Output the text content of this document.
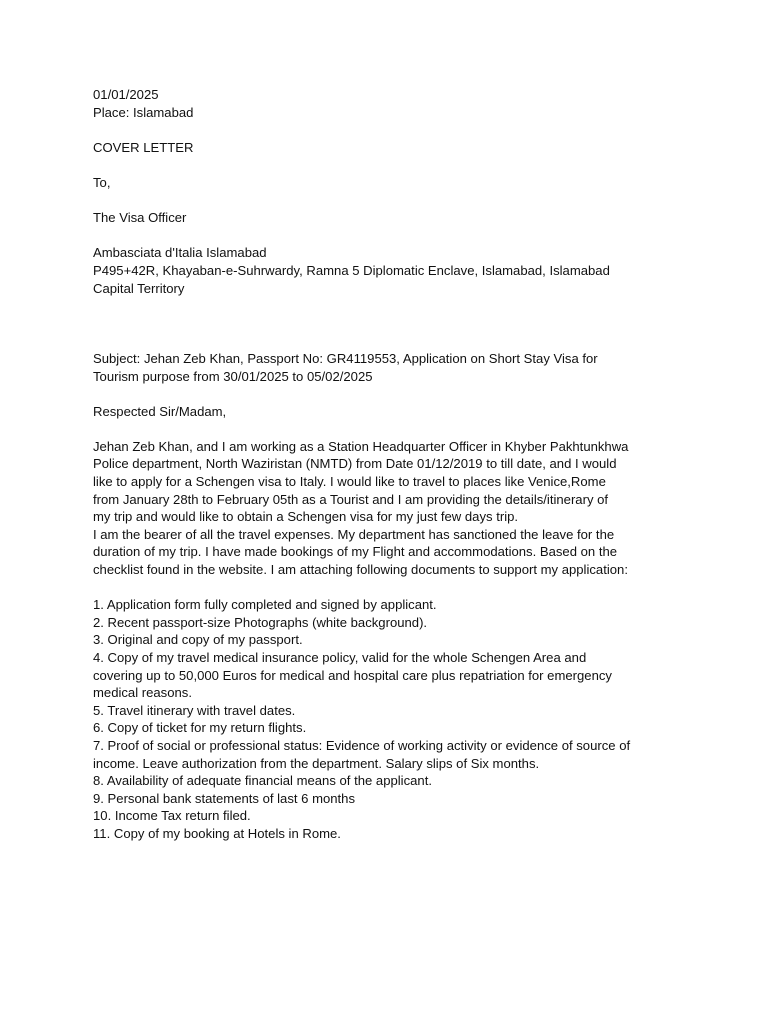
01/01/2025
Place: Islamabad
COVER LETTER
To,
The Visa Officer
Ambasciata d'Italia Islamabad
P495+42R, Khayaban-e-Suhrwardy, Ramna 5 Diplomatic Enclave, Islamabad, Islamabad
Capital Territory
Subject: Jehan Zeb Khan, Passport No: GR4119553, Application on Short Stay Visa for
Tourism purpose from 30/01/2025 to 05/02/2025
Respected Sir/Madam,
Jehan Zeb Khan, and I am working as a Station Headquarter Officer in Khyber Pakhtunkhwa
Police department, North Waziristan (NMTD) from Date 01/12/2019 to till date, and I would
like to apply for a Schengen visa to Italy. I would like to travel to places like Venice,Rome
from January 28th to February 05th as a Tourist and I am providing the details/itinerary of
my trip and would like to obtain a Schengen visa for my just few days trip.
I am the bearer of all the travel expenses. My department has sanctioned the leave for the
duration of my trip. I have made bookings of my Flight and accommodations. Based on the
checklist found in the website. I am attaching following documents to support my application:
1. Application form fully completed and signed by applicant.
2. Recent passport-size Photographs (white background).
3. Original and copy of my passport.
4. Copy of my travel medical insurance policy, valid for the whole Schengen Area and
covering up to 50,000 Euros for medical and hospital care plus repatriation for emergency
medical reasons.
5. Travel itinerary with travel dates.
6. Copy of ticket for my return flights.
7. Proof of social or professional status: Evidence of working activity or evidence of source of
income. Leave authorization from the department. Salary slips of Six months.
8. Availability of adequate financial means of the applicant.
9. Personal bank statements of last 6 months
10. Income Tax return filed.
11. Copy of my booking at Hotels in Rome.
